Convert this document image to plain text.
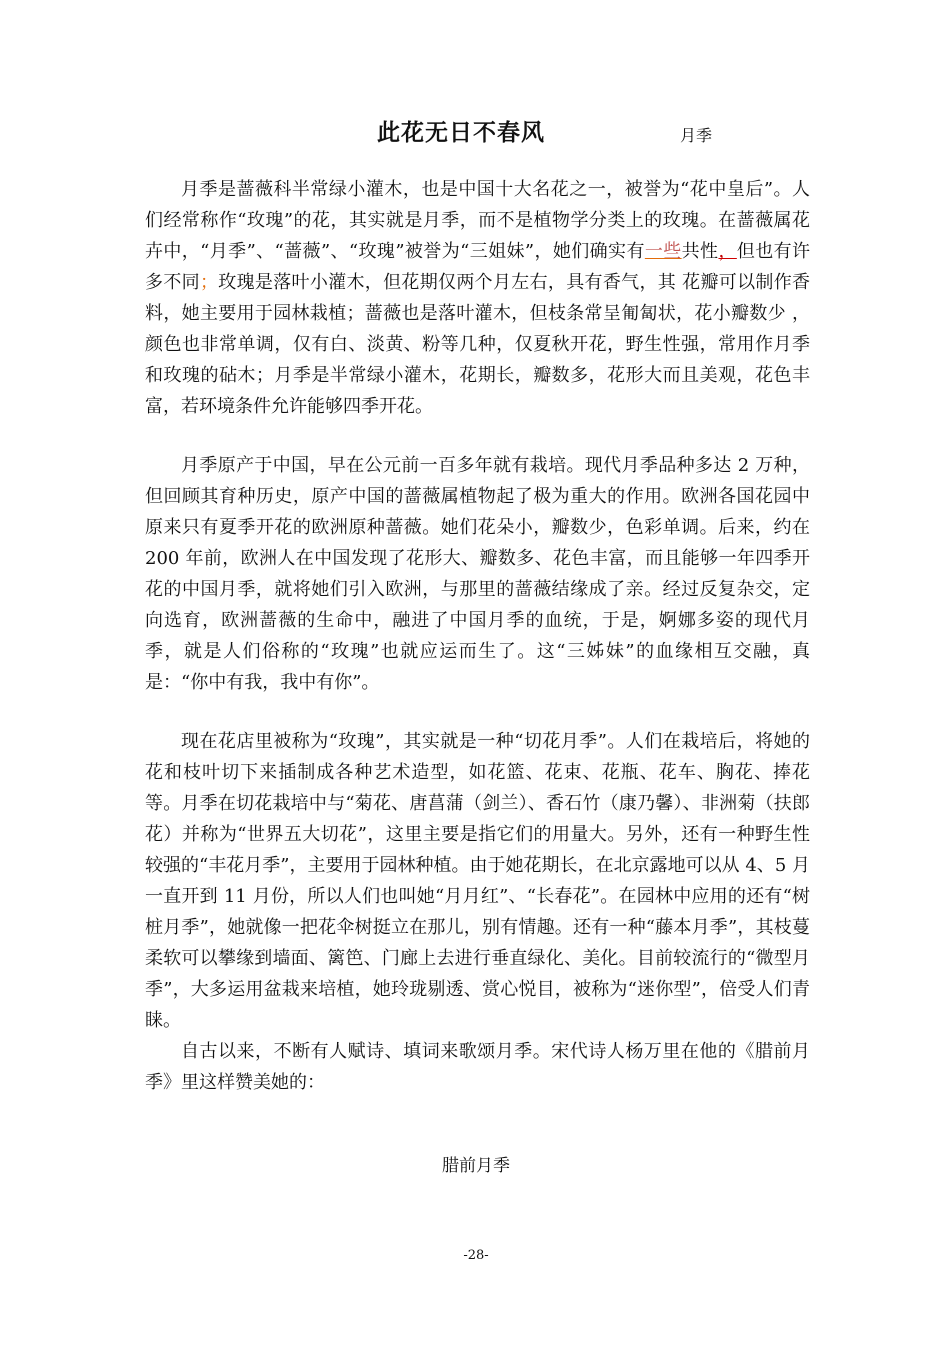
此花无日不春风	月季

月季是蔷薇科半常绿小灌木，也是中国十大名花之一，被誉为“花中皇后”。人们经常称作“玫瑰”的花，其实就是月季，而不是植物学分类上的玫瑰。在蔷薇属花卉中，“月季”、“蔷薇”、“玫瑰”被誉为“三姐妹”，她们确实有一些共性，但也有许多不同；玫瑰是落叶小灌木，但花期仅两个月左右，具有香气，其 花瓣可以制作香料，她主要用于园林栽植；蔷薇也是落叶灌木，但枝条常呈匍匐状，花小瓣数少 ，颜色也非常单调，仅有白、淡黄、粉等几种，仅夏秋开花，野生性强，常用作月季和玫瑰的砧木；月季是半常绿小灌木，花期长，瓣数多，花形大而且美观，花色丰富，若环境条件允许能够四季开花。

月季原产于中国，早在公元前一百多年就有栽培。现代月季品种多达 2 万种，但回顾其育种历史，原产中国的蔷薇属植物起了极为重大的作用。欧洲各国花园中原来只有夏季开花的欧洲原种蔷薇。她们花朵小，瓣数少，色彩单调。后来，约在 200 年前，欧洲人在中国发现了花形大、瓣数多、花色丰富，而且能够一年四季开花的中国月季，就将她们引入欧洲，与那里的蔷薇结缘成了亲。经过反复杂交，定向选育，欧洲蔷薇的生命中，融进了中国月季的血统，于是，婀娜多姿的现代月季，就是人们俗称的“玫瑰”也就应运而生了。这“三姊妹”的血缘相互交融，真是：“你中有我，我中有你”。

现在花店里被称为“玫瑰”，其实就是一种“切花月季”。人们在栽培后，将她的花和枝叶切下来插制成各种艺术造型，如花篮、花束、花瓶、花车、胸花、捧花等。月季在切花栽培中与“菊花、唐菖蒲（剑兰）、香石竹（康乃馨）、非洲菊（扶郎花）并称为“世界五大切花”，这里主要是指它们的用量大。另外，还有一种野生性较强的“丰花月季”，主要用于园林种植。由于她花期长，在北京露地可以从 4、5 月一直开到 11 月份，所以人们也叫她“月月红”、“长春花”。在园林中应用的还有“树桩月季”，她就像一把花伞树挺立在那儿，别有情趣。还有一种“藤本月季”，其枝蔓柔软可以攀缘到墙面、篱笆、门廊上去进行垂直绿化、美化。目前较流行的“微型月季”，大多运用盆栽来培植，她玲珑剔透、赏心悦目，被称为“迷你型”，倍受人们青睐。

自古以来，不断有人赋诗、填词来歌颂月季。宋代诗人杨万里在他的《腊前月季》里这样赞美她的：

腊前月季
-28-
